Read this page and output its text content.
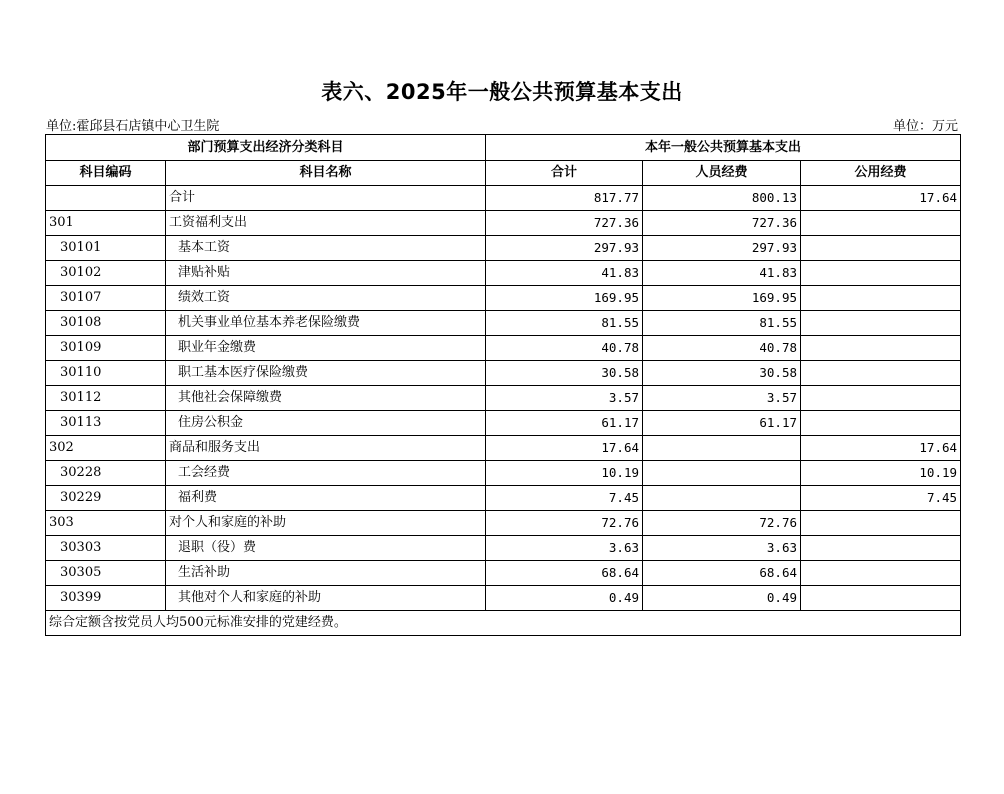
表六、2025年一般公共预算基本支出
单位:霍邱县石店镇中心卫生院	单位：万元
部门预算支出经济分类科目		本年一般公共预算基本支出		
科目编码	科目名称	合计	人员经费	公用经费
	合计	817.77	800.13	17.64
301	工资福利支出	727.36	727.36	
30101	基本工资	297.93	297.93	
30102	津贴补贴	41.83	41.83	
30107	绩效工资	169.95	169.95	
30108	机关事业单位基本养老保险缴费	81.55	81.55	
30109	职业年金缴费	40.78	40.78	
30110	职工基本医疗保险缴费	30.58	30.58	
30112	其他社会保障缴费	3.57	3.57	
30113	住房公积金	61.17	61.17	
302	商品和服务支出	17.64		17.64
30228	工会经费	10.19		10.19
30229	福利费	7.45		7.45
303	对个人和家庭的补助	72.76	72.76	
30303	退职（役）费	3.63	3.63	
30305	生活补助	68.64	68.64	
30399	其他对个人和家庭的补助	0.49	0.49	
综合定额含按党员人均500元标准安排的党建经费。				
